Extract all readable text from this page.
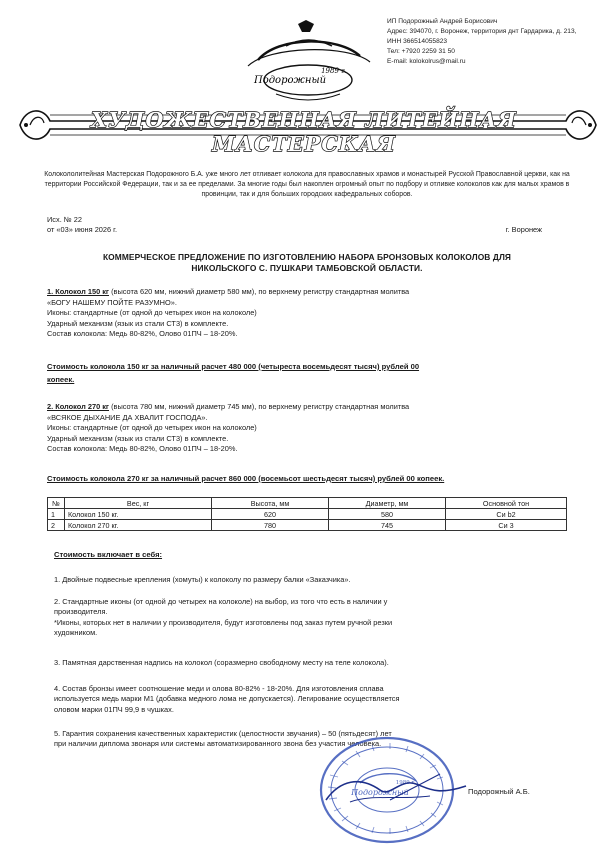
Подорожный
1989 г.
ИП Подорожный Андрей Борисович
Адрес: 394070, г. Воронеж, территория днт Гардарика, д. 213,
ИНН 366514055823
Тел: +7920 2259 31 50
E-mail: kolokolrus@mail.ru
ХУДОЖЕСТВЕННАЯ ЛИТЕЙНАЯ МАСТЕРСКАЯ
Колокололитейная Мастерская Подорожного Б.А. уже много лет отливает колокола для православных храмов и монастырей Русской Православной церкви, как на территории Российской Федерации, так и за ее пределами. За многие годы был накоплен огромный опыт по подбору и отливке колоколов как для малых храмов в провинции, так и для больших городских кафедральных соборов.
Исх. № 22
от «03» июня 2026 г.	г. Воронеж
КОММЕРЧЕСКОЕ ПРЕДЛОЖЕНИЕ ПО ИЗГОТОВЛЕНИЮ НАБОРА БРОНЗОВЫХ КОЛОКОЛОВ ДЛЯ
НИКОЛЬСКОГО С. ПУШКАРИ ТАМБОВСКОЙ ОБЛАСТИ.
1. Колокол 150 кг (высота 620 мм, нижний диаметр 580 мм), по верхнему регистру стандартная молитва
«БОГУ НАШЕМУ ПОЙТЕ РАЗУМНО».
Иконы: стандартные (от одной до четырех икон на колоколе)
Ударный механизм (язык из стали СТ3) в комплекте.
Состав колокола: Медь 80-82%, Олово 01ПЧ – 18-20%.
Стоимость колокола 150 кг за наличный расчет 480 000 (четыреста восемьдесят тысяч) рублей 00
копеек.
2. Колокол 270 кг (высота 780 мм, нижний диаметр 745 мм), по верхнему регистру стандартная молитва
«ВСЯКОЕ ДЫХАНИЕ ДА ХВАЛИТ ГОСПОДА».
Иконы: стандартные (от одной до четырех икон на колоколе)
Ударный механизм (язык из стали СТ3) в комплекте.
Состав колокола: Медь 80-82%, Олово 01ПЧ – 18-20%.
Стоимость колокола 270 кг за наличный расчет 860 000 (восемьсот шестьдесят тысяч) рублей 00 копеек.
№	Вес, кг	Высота, мм	Диаметр, мм	Основной тон
1	Колокол 150 кг.	620	580	Си b2
2	Колокол 270 кг.	780	745	Си 3
Стоимость включает в себя:
1. Двойные подвесные крепления (хомуты) к колоколу по размеру балки «Заказчика».
2. Стандартные иконы (от одной до четырех на колоколе) на выбор, из того что есть в наличии у
производителя.
*Иконы, которых нет в наличии у производителя, будут изготовлены под заказ путем ручной резки
художником.
3. Памятная дарственная надпись на колокол (соразмерно свободному месту на теле колокола).
4. Состав бронзы имеет соотношение меди и олова 80-82% - 18-20%. Для изготовления сплава
используется медь марки М1 (добавка медного лома не допускается). Легирование осуществляется
оловом марки 01ПЧ 99,9 в чушках.
5. Гарантия сохранения качественных характеристик (целостности звучания) – 50 (пятьдесят) лет
при наличии диплома звонаря или системы автоматизированного звона без участия человека.
Подорожный
1989 г.
Подорожный А.Б.
